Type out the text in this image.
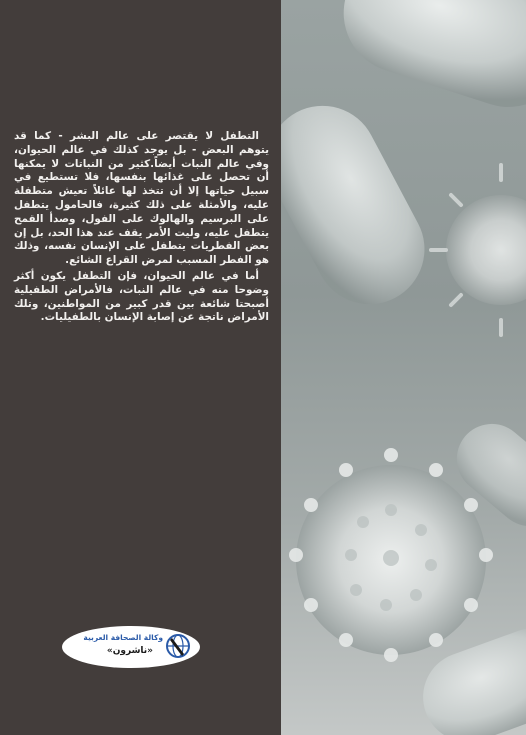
التطفل لا يقتصر على عالم البشر - كما قد يتوهم البعض - بل يوجد كذلك في عالم الحيوان، وفي عالم النبات أيضاً.كثير من النباتات لا يمكنها أن تحصل على غذائها بنفسها، فلا تستطيع في سبيل حياتها إلا أن تتخذ لها عائلاً تعيش متطفلة عليه، والأمثلة على ذلك كثيرة، فالحامول يتطفل على البرسيم والهالوك على الفول، وصدأ القمح يتطفل عليه، وليت الأمر يقف عند هذا الحد، بل إن بعض الفطريات يتطفل على الإنسان نفسه، وذلك هو الفطر المسبب لمرض القراع الشائع.

أما في عالم الحيوان، فإن التطفل يكون أكثر وضوحا منه في عالم النبات، فالأمراض الطفيلية أصبحتا شائعة بين قدر كبير من المواطنين، وتلك الأمراض ناتجة عن إصابة الإنسان بالطفيليات.

وكالة الصحافة العربية
«ناشرون»
